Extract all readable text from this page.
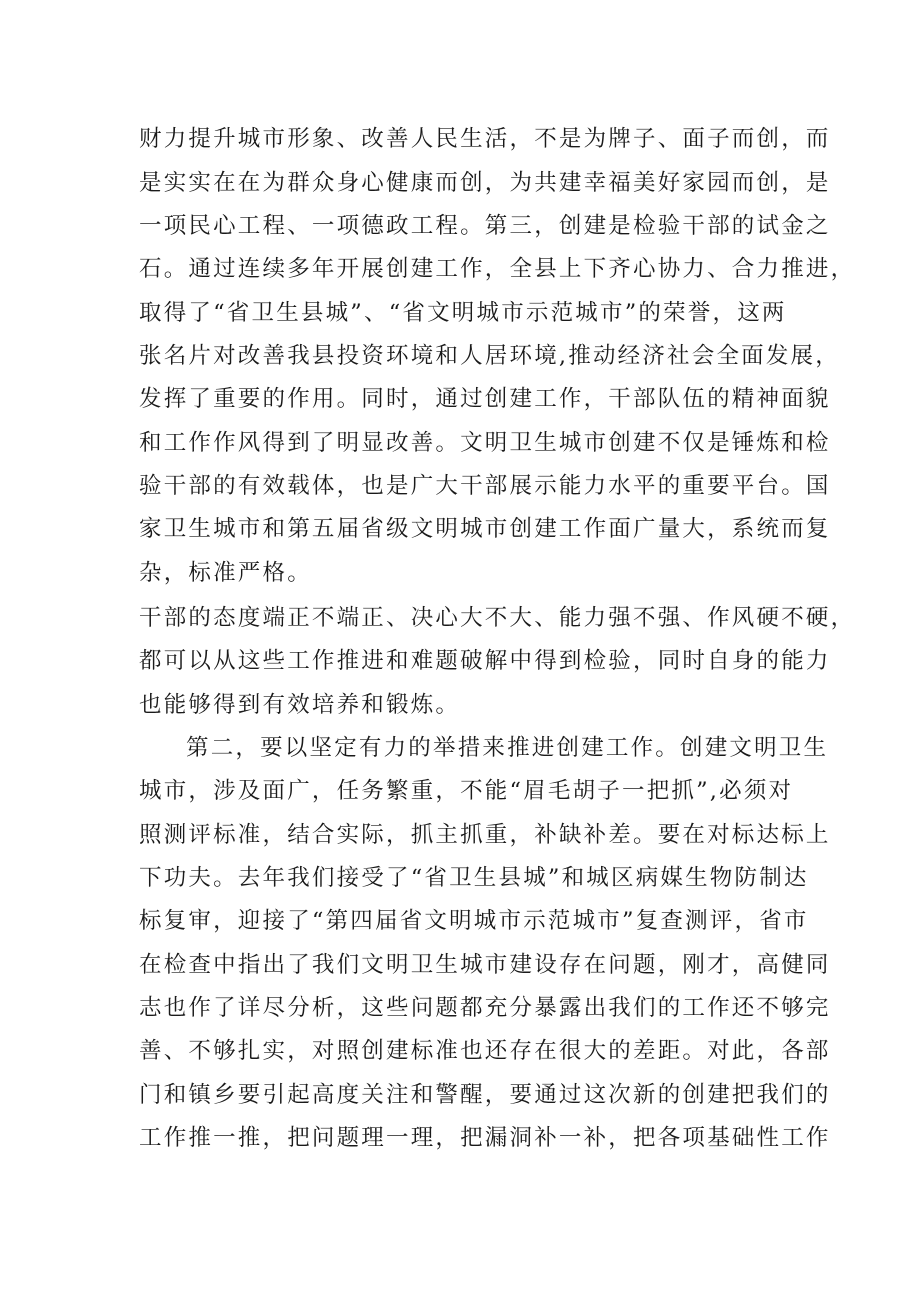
财力提升城市形象、改善人民生活，不是为牌子、面子而创，而
是实实在在为群众身心健康而创，为共建幸福美好家园而创，是
一项民心工程、一项德政工程。第三，创建是检验干部的试金之
石。通过连续多年开展创建工作，全县上下齐心协力、合力推进，
取得了“省卫生县城”、“省文明城市示范城市”的荣誉，这两
张名片对改善我县投资环境和人居环境,推动经济社会全面发展，
发挥了重要的作用。同时，通过创建工作，干部队伍的精神面貌
和工作作风得到了明显改善。文明卫生城市创建不仅是锤炼和检
验干部的有效载体，也是广大干部展示能力水平的重要平台。国
家卫生城市和第五届省级文明城市创建工作面广量大，系统而复
杂，标准严格。
干部的态度端正不端正、决心大不大、能力强不强、作风硬不硬，
都可以从这些工作推进和难题破解中得到检验，同时自身的能力
也能够得到有效培养和锻炼。
第二，要以坚定有力的举措来推进创建工作。创建文明卫生
城市，涉及面广，任务繁重，不能“眉毛胡子一把抓”,必须对
照测评标准，结合实际，抓主抓重，补缺补差。要在对标达标上
下功夫。去年我们接受了“省卫生县城”和城区病媒生物防制达
标复审，迎接了“第四届省文明城市示范城市”复查测评，省市
在检查中指出了我们文明卫生城市建设存在问题，刚才，高健同
志也作了详尽分析，这些问题都充分暴露出我们的工作还不够完
善、不够扎实，对照创建标准也还存在很大的差距。对此，各部
门和镇乡要引起高度关注和警醒，要通过这次新的创建把我们的
工作推一推，把问题理一理，把漏洞补一补，把各项基础性工作
